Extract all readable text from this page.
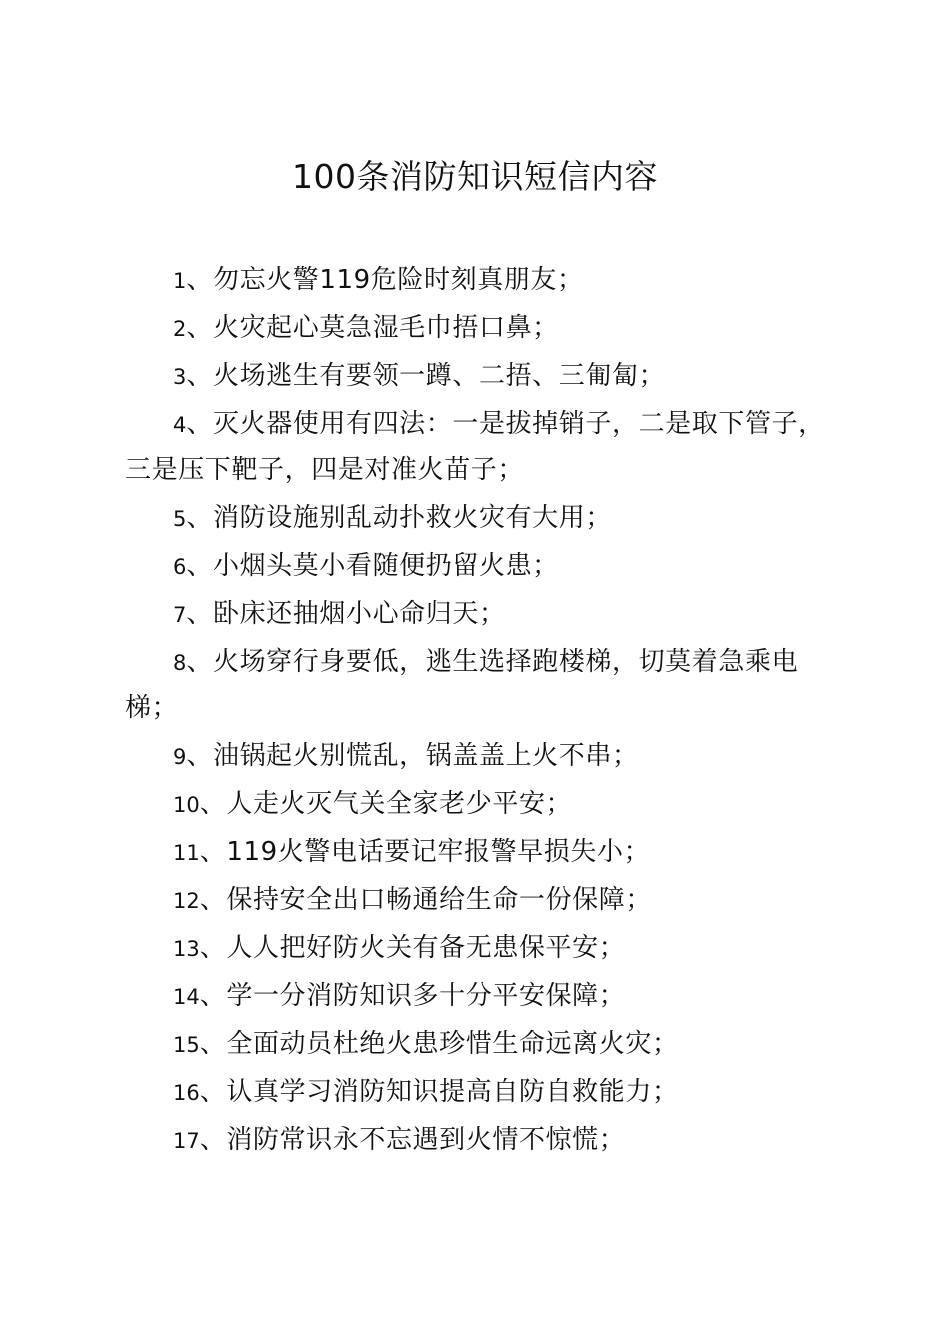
100条消防知识短信内容

1、勿忘火警119危险时刻真朋友；

2、火灾起心莫急湿毛巾捂口鼻；

3、火场逃生有要领一蹲、二捂、三匍匐；

4、灭火器使用有四法：一是拔掉销子，二是取下管子，三是压下靶子，四是对准火苗子；

5、消防设施别乱动扑救火灾有大用；

6、小烟头莫小看随便扔留火患；

7、卧床还抽烟小心命归天；

8、火场穿行身要低，逃生选择跑楼梯，切莫着急乘电梯；

9、油锅起火别慌乱，锅盖盖上火不串；

10、人走火灭气关全家老少平安；

11、119火警电话要记牢报警早损失小；

12、保持安全出口畅通给生命一份保障；

13、人人把好防火关有备无患保平安；

14、学一分消防知识多十分平安保障；

15、全面动员杜绝火患珍惜生命远离火灾；

16、认真学习消防知识提高自防自救能力；

17、消防常识永不忘遇到火情不惊慌；
